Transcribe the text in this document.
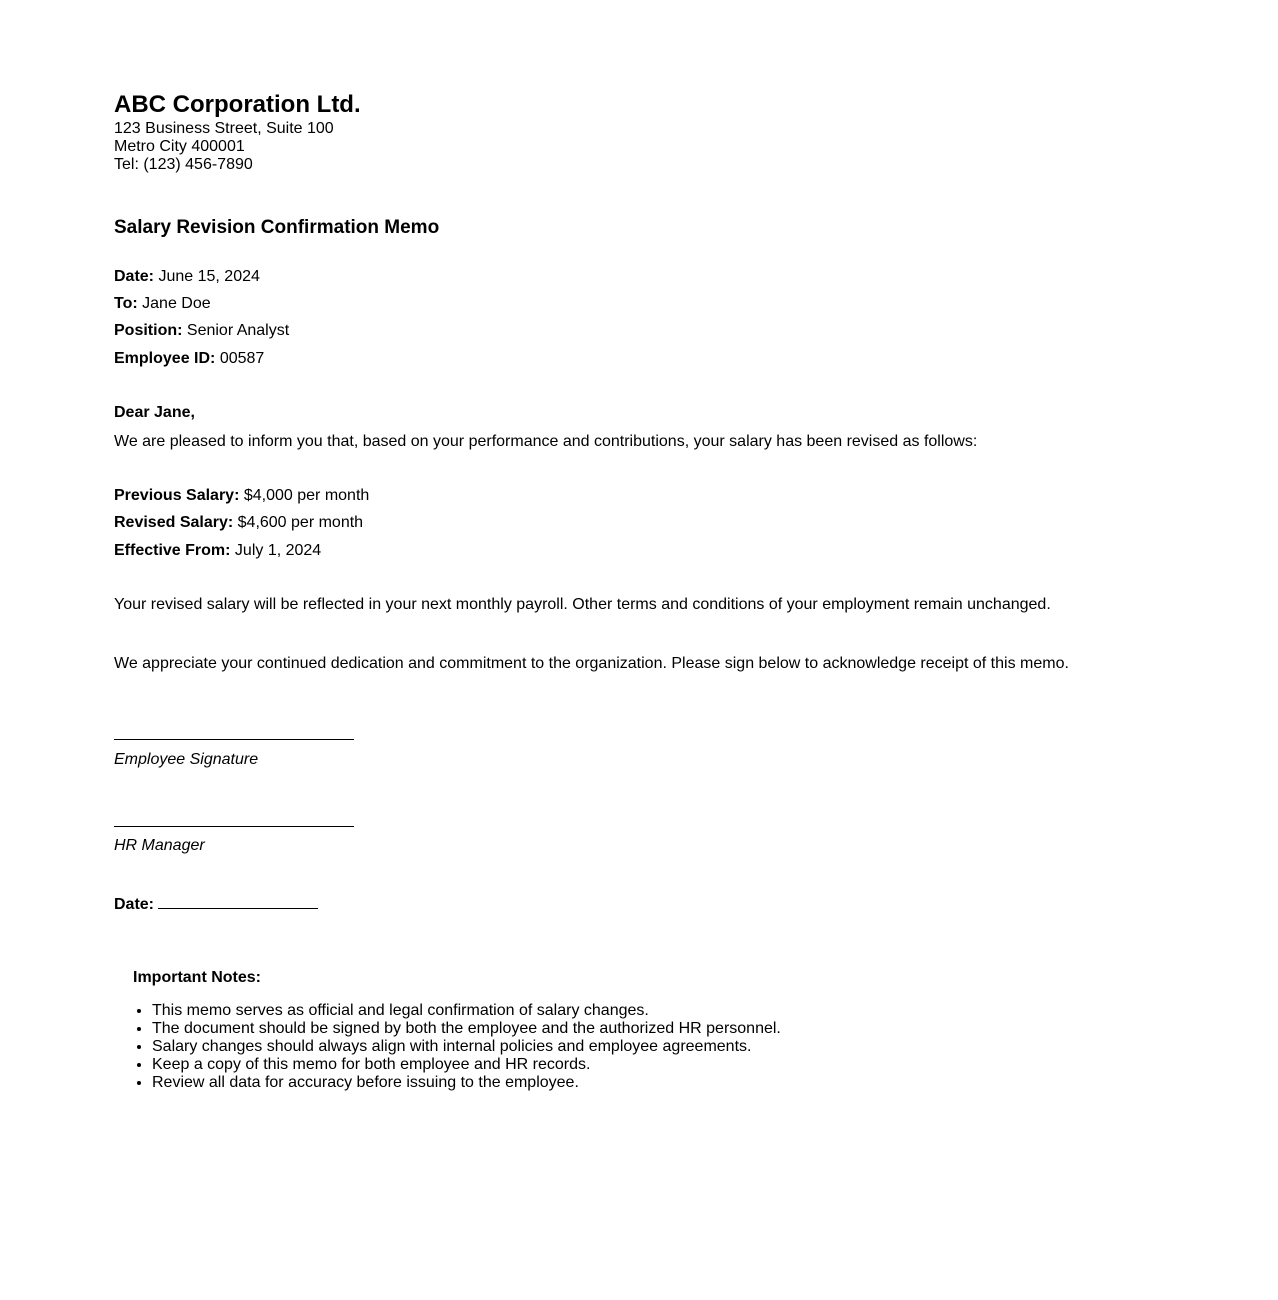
ABC Corporation Ltd.
123 Business Street, Suite 100
Metro City 400001
Tel: (123) 456-7890
Salary Revision Confirmation Memo
Date: June 15, 2024
To: Jane Doe
Position: Senior Analyst
Employee ID: 00587
Dear Jane,
We are pleased to inform you that, based on your performance and contributions, your salary has been revised as follows:
Previous Salary: $4,000 per month
Revised Salary: $4,600 per month
Effective From: July 1, 2024
Your revised salary will be reflected in your next monthly payroll. Other terms and conditions of your employment remain unchanged.
We appreciate your continued dedication and commitment to the organization. Please sign below to acknowledge receipt of this memo.
Employee Signature
HR Manager
Date:
Important Notes:
• This memo serves as official and legal confirmation of salary changes.
• The document should be signed by both the employee and the authorized HR personnel.
• Salary changes should always align with internal policies and employee agreements.
• Keep a copy of this memo for both employee and HR records.
• Review all data for accuracy before issuing to the employee.
